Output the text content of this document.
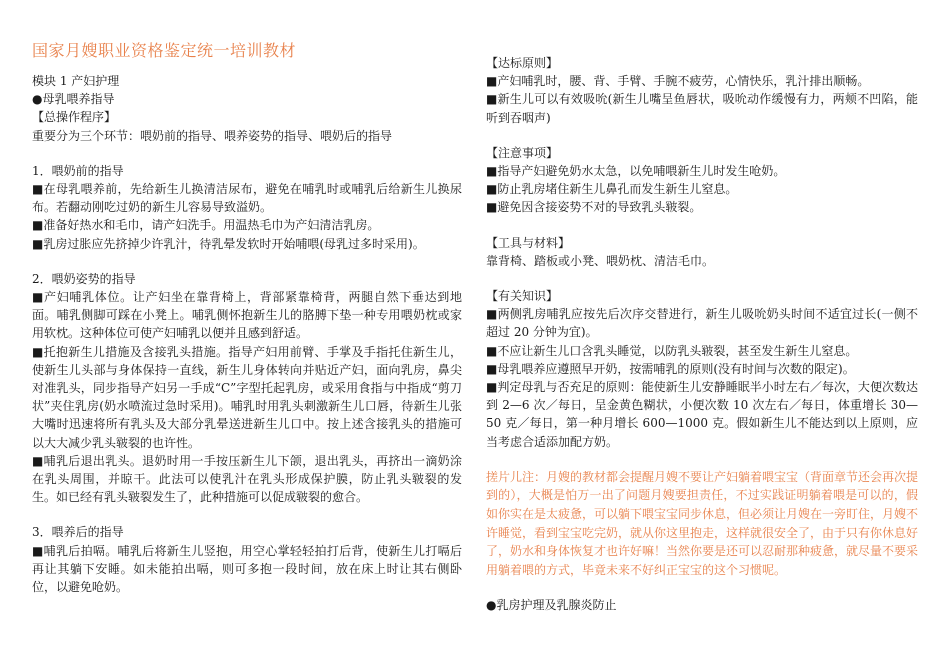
国家月嫂职业资格鉴定统一培训教材

模块 1 产妇护理

●母乳喂养指导

【总操作程序】

重要分为三个环节：喂奶前的指导、喂养姿势的指导、喂奶后的指导

1．喂奶前的指导

■在母乳喂养前，先给新生儿换清洁尿布，避免在哺乳时或哺乳后给新生儿换尿布。若翻动刚吃过奶的新生儿容易导致溢奶。

■准备好热水和毛巾，请产妇洗手。用温热毛巾为产妇清洁乳房。

■乳房过胀应先挤掉少许乳汁，待乳晕发软时开始哺喂(母乳过多时采用)。

2．喂奶姿势的指导

■产妇哺乳体位。让产妇坐在靠背椅上，背部紧靠椅背，两腿自然下垂达到地面。哺乳侧脚可踩在小凳上。哺乳侧怀抱新生儿的胳膊下垫一种专用喂奶枕或家用软枕。这种体位可使产妇哺乳以便并且感到舒适。

■托抱新生儿措施及含接乳头措施。指导产妇用前臂、手掌及手指托住新生儿，使新生儿头部与身体保持一直线，新生儿身体转向并贴近产妇，面向乳房，鼻尖对准乳头，同步指导产妇另一手成“C”字型托起乳房，或采用食指与中指成“剪刀状”夹住乳房(奶水喷流过急时采用)。哺乳时用乳头刺激新生儿口唇，待新生儿张大嘴时迅速将所有乳头及大部分乳晕送进新生儿口中。按上述含接乳头的措施可以大大减少乳头皲裂的也许性。

■哺乳后退出乳头。退奶时用一手按压新生儿下颌，退出乳头，再挤出一滴奶涂在乳头周围，并晾干。此法可以使乳汁在乳头形成保护膜，防止乳头皲裂的发生。如已经有乳头皲裂发生了，此种措施可以促成皲裂的愈合。

3．喂养后的指导

■哺乳后拍嗝。哺乳后将新生儿竖抱，用空心掌轻轻拍打后背，使新生儿打嗝后再让其躺下安睡。如未能拍出嗝，则可多抱一段时间，放在床上时让其右侧卧位，以避免呛奶。

【达标原则】

■产妇哺乳时，腰、背、手臂、手腕不疲劳，心情快乐，乳汁排出顺畅。

■新生儿可以有效吸吮(新生儿嘴呈鱼唇状，吸吮动作缓慢有力，两颊不凹陷，能听到吞咽声)

【注意事项】

■指导产妇避免奶水太急，以免哺喂新生儿时发生呛奶。

■防止乳房堵住新生儿鼻孔而发生新生儿窒息。

■避免因含接姿势不对的导致乳头皲裂。

【工具与材料】

靠背椅、踏板或小凳、喂奶枕、清洁毛巾。

【有关知识】

■两侧乳房哺乳应按先后次序交替进行，新生儿吸吮奶头时间不适宜过长(一侧不超过 20 分钟为宜)。

■不应让新生儿口含乳头睡觉，以防乳头皲裂，甚至发生新生儿窒息。

■母乳喂养应遵照早开奶，按需哺乳的原则(没有时间与次数的限定)。

■判定母乳与否充足的原则：能使新生儿安静睡眠半小时左右／每次，大便次数达到 2—6 次／每日，呈金黄色糊状，小便次数 10 次左右／每日，体重增长 30—50 克／每日，第一种月增长 600—1000 克。假如新生儿不能达到以上原则，应当考虑合适添加配方奶。

搓片儿注：月嫂的教材都会提醒月嫂不要让产妇躺着喂宝宝（背面章节还会再次提到的），大概是怕万一出了问题月嫂要担责任，不过实践证明躺着喂是可以的，假如你实在是太疲惫，可以躺下喂宝宝同步休息，但必须让月嫂在一旁盯住，月嫂不许睡觉，看到宝宝吃完奶，就从你这里抱走，这样就很安全了，由于只有你休息好了，奶水和身体恢复才也许好嘛！当然你要是还可以忍耐那种疲惫，就尽量不要采用躺着喂的方式，毕竟未来不好纠正宝宝的这个习惯呢。

●乳房护理及乳腺炎防止
